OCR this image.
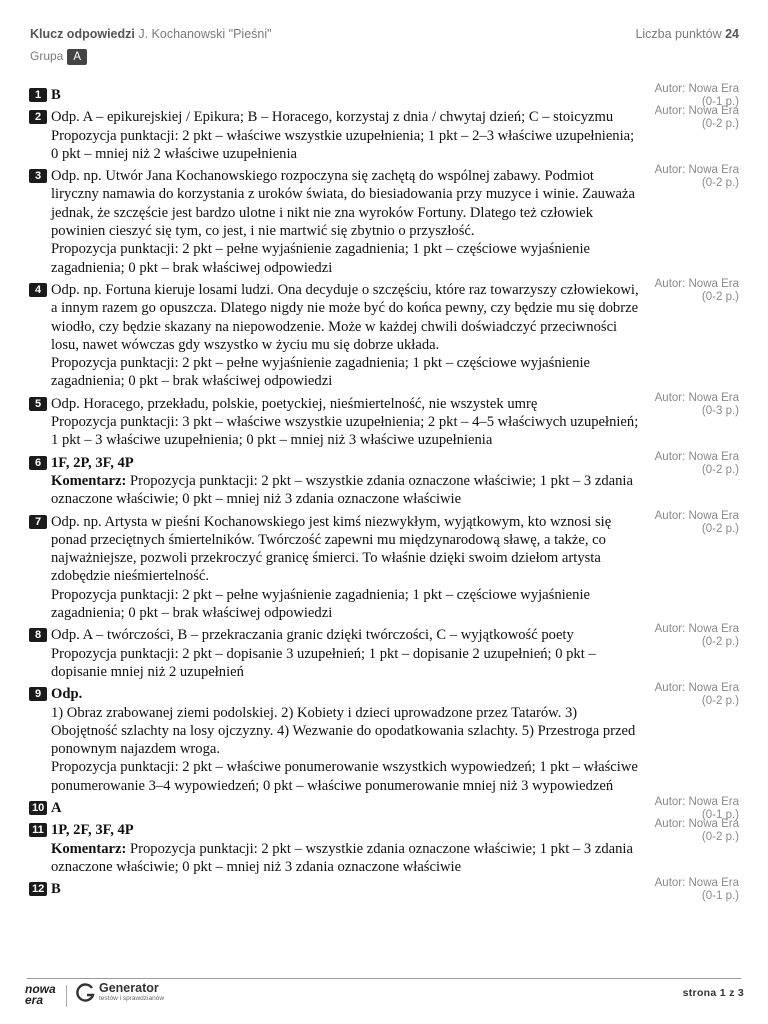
Klucz odpowiedzi J. Kochanowski "Pieśni"	Liczba punktów 24
Grupa A
1 B	Autor: Nowa Era
(0-1 p.)
2 Odp. A – epikurejskiej / Epikura; B – Horacego, korzystaj z dnia / chwytaj dzień; C – stoicyzmu

Propozycja punktacji: 2 pkt – właściwe wszystkie uzupełnienia; 1 pkt – 2–3 właściwe uzupełnienia; 0 pkt – mniej niż 2 właściwe uzupełnienia

Autor: Nowa Era
(0-2 p.)
3 Odp. np. Utwór Jana Kochanowskiego rozpoczyna się zachętą do wspólnej zabawy. Podmiot liryczny namawia do korzystania z uroków świata, do biesiadowania przy muzyce i winie. Zauważa jednak, że szczęście jest bardzo ulotne i nikt nie zna wyroków Fortuny. Dlatego też człowiek powinien cieszyć się tym, co jest, i nie martwić się zbytnio o przyszłość.

Propozycja punktacji: 2 pkt – pełne wyjaśnienie zagadnienia; 1 pkt – częściowe wyjaśnienie zagadnienia; 0 pkt – brak właściwej odpowiedzi

Autor: Nowa Era
(0-2 p.)
4 Odp. np. Fortuna kieruje losami ludzi. Ona decyduje o szczęściu, które raz towarzyszy człowiekowi, a innym razem go opuszcza. Dlatego nigdy nie może być do końca pewny, czy będzie mu się dobrze wiodło, czy będzie skazany na niepowodzenie. Może w każdej chwili doświadczyć przeciwności losu, nawet wówczas gdy wszystko w życiu mu się dobrze układa.

Propozycja punktacji: 2 pkt – pełne wyjaśnienie zagadnienia; 1 pkt – częściowe wyjaśnienie zagadnienia; 0 pkt – brak właściwej odpowiedzi

Autor: Nowa Era
(0-2 p.)
5 Odp. Horacego, przekładu, polskie, poetyckiej, nieśmiertelność, nie wszystek umrę

Propozycja punktacji: 3 pkt – właściwe wszystkie uzupełnienia; 2 pkt – 4–5 właściwych uzupełnień; 1 pkt – 3 właściwe uzupełnienia; 0 pkt – mniej niż 3 właściwe uzupełnienia

Autor: Nowa Era
(0-3 p.)
6 1F, 2P, 3F, 4P

Komentarz: Propozycja punktacji: 2 pkt – wszystkie zdania oznaczone właściwie; 1 pkt – 3 zdania oznaczone właściwie; 0 pkt – mniej niż 3 zdania oznaczone właściwie

Autor: Nowa Era
(0-2 p.)
7 Odp. np. Artysta w pieśni Kochanowskiego jest kimś niezwykłym, wyjątkowym, kto wznosi się ponad przeciętnych śmiertelników. Twórczość zapewni mu międzynarodową sławę, a także, co najważniejsze, pozwoli przekroczyć granicę śmierci. To właśnie dzięki swoim dziełom artysta zdobędzie nieśmiertelność.

Propozycja punktacji: 2 pkt – pełne wyjaśnienie zagadnienia; 1 pkt – częściowe wyjaśnienie zagadnienia; 0 pkt – brak właściwej odpowiedzi

Autor: Nowa Era
(0-2 p.)
8 Odp. A – twórczości, B – przekraczania granic dzięki twórczości, C – wyjątkowość poety

Propozycja punktacji: 2 pkt – dopisanie 3 uzupełnień; 1 pkt – dopisanie 2 uzupełnień; 0 pkt – dopisanie mniej niż 2 uzupełnień

Autor: Nowa Era
(0-2 p.)
9 Odp.

1) Obraz zrabowanej ziemi podolskiej. 2) Kobiety i dzieci uprowadzone przez Tatarów. 3) Obojętność szlachty na losy ojczyzny. 4) Wezwanie do opodatkowania szlachty. 5) Przestroga przed ponownym najazdem wroga.

Propozycja punktacji: 2 pkt – właściwe ponumerowanie wszystkich wypowiedzeń; 1 pkt – właściwe ponumerowanie 3–4 wypowiedzeń; 0 pkt – właściwe ponumerowanie mniej niż 3 wypowiedzeń

Autor: Nowa Era
(0-2 p.)
10 A	Autor: Nowa Era
(0-1 p.)
11 1P, 2F, 3F, 4P

Komentarz: Propozycja punktacji: 2 pkt – wszystkie zdania oznaczone właściwie; 1 pkt – 3 zdania oznaczone właściwie; 0 pkt – mniej niż 3 zdania oznaczone właściwie

Autor: Nowa Era
(0-2 p.)
12 B	Autor: Nowa Era
(0-1 p.)
nowa
era
Generator
testów i sprawdzianów	strona 1 z 3
